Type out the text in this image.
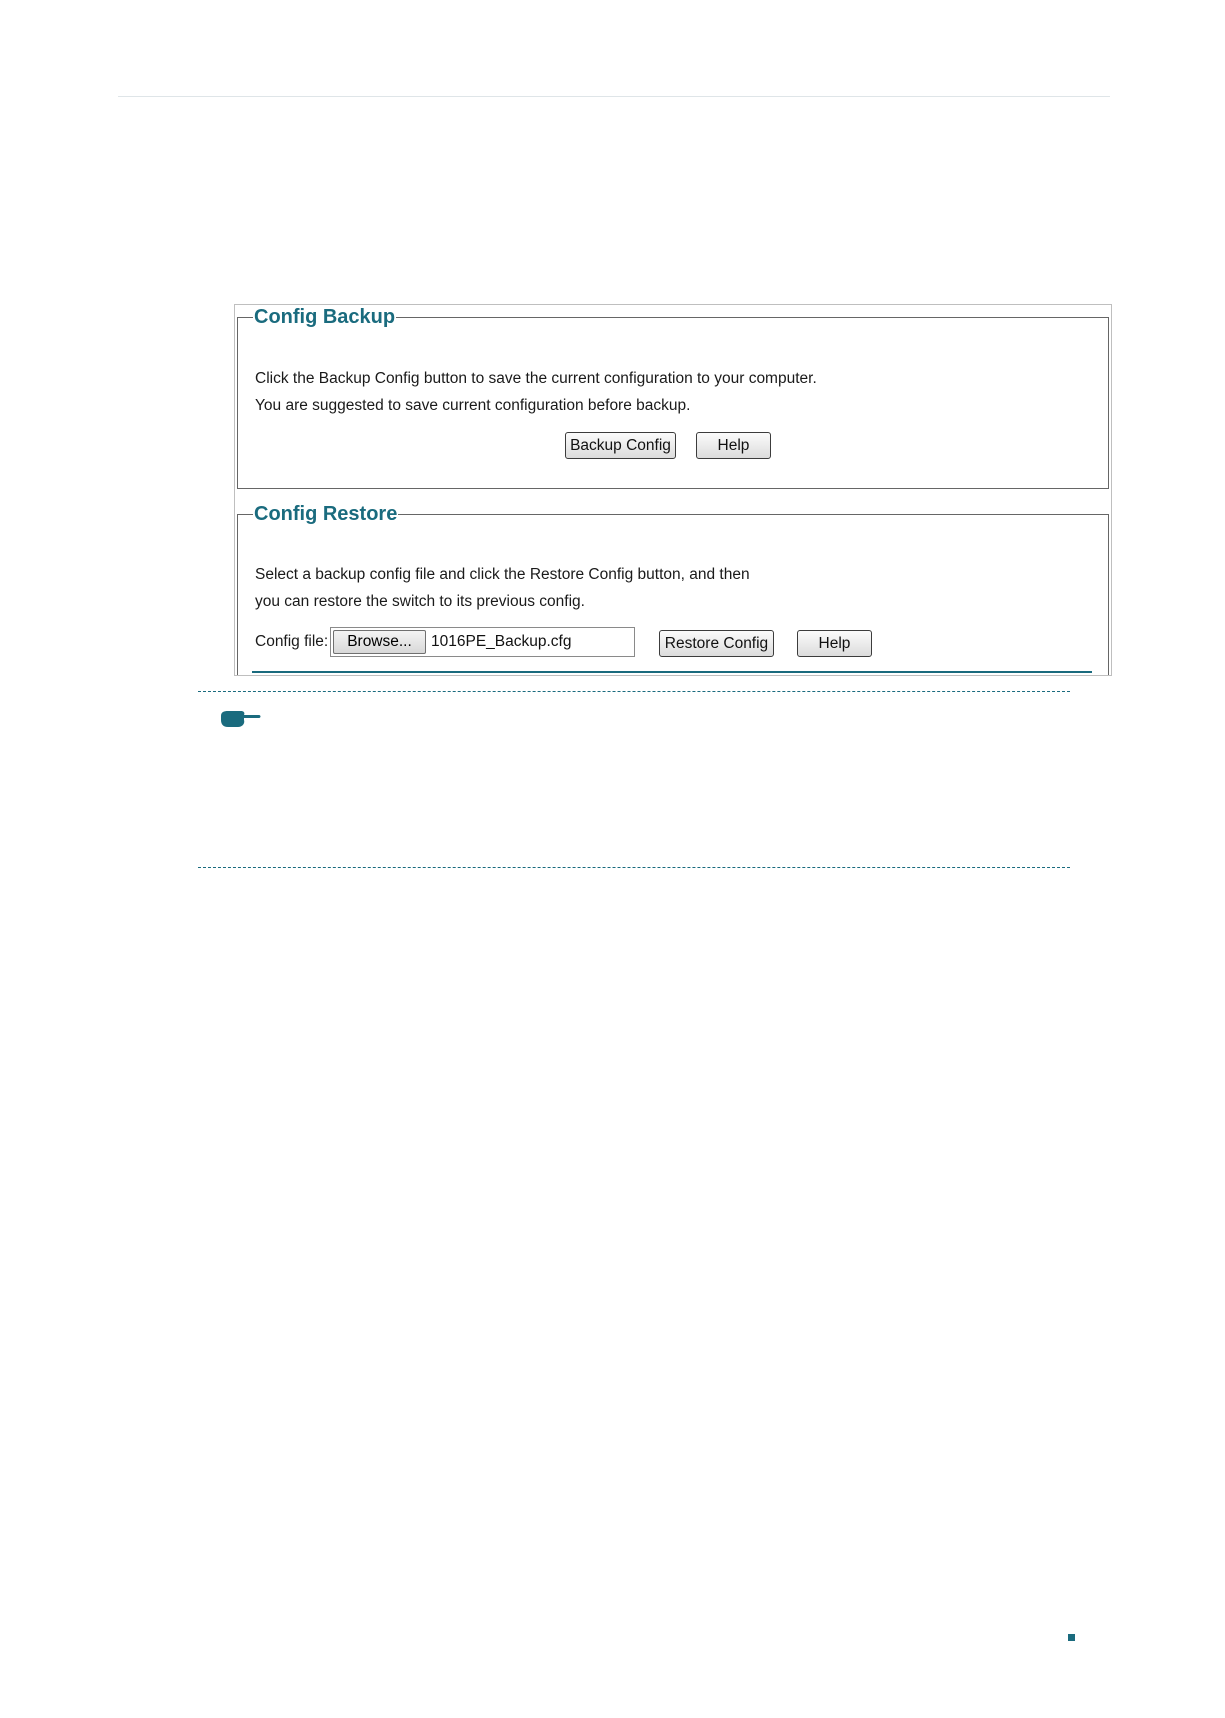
Config Backup
Click the Backup Config button to save the current configuration to your computer.
You are suggested to save current configuration before backup.
Backup Config	Help
Config Restore
Select a backup config file and click the Restore Config button, and then
you can restore the switch to its previous config.
Config file:	Browse...	1016PE_Backup.cfg	Restore Config	Help
